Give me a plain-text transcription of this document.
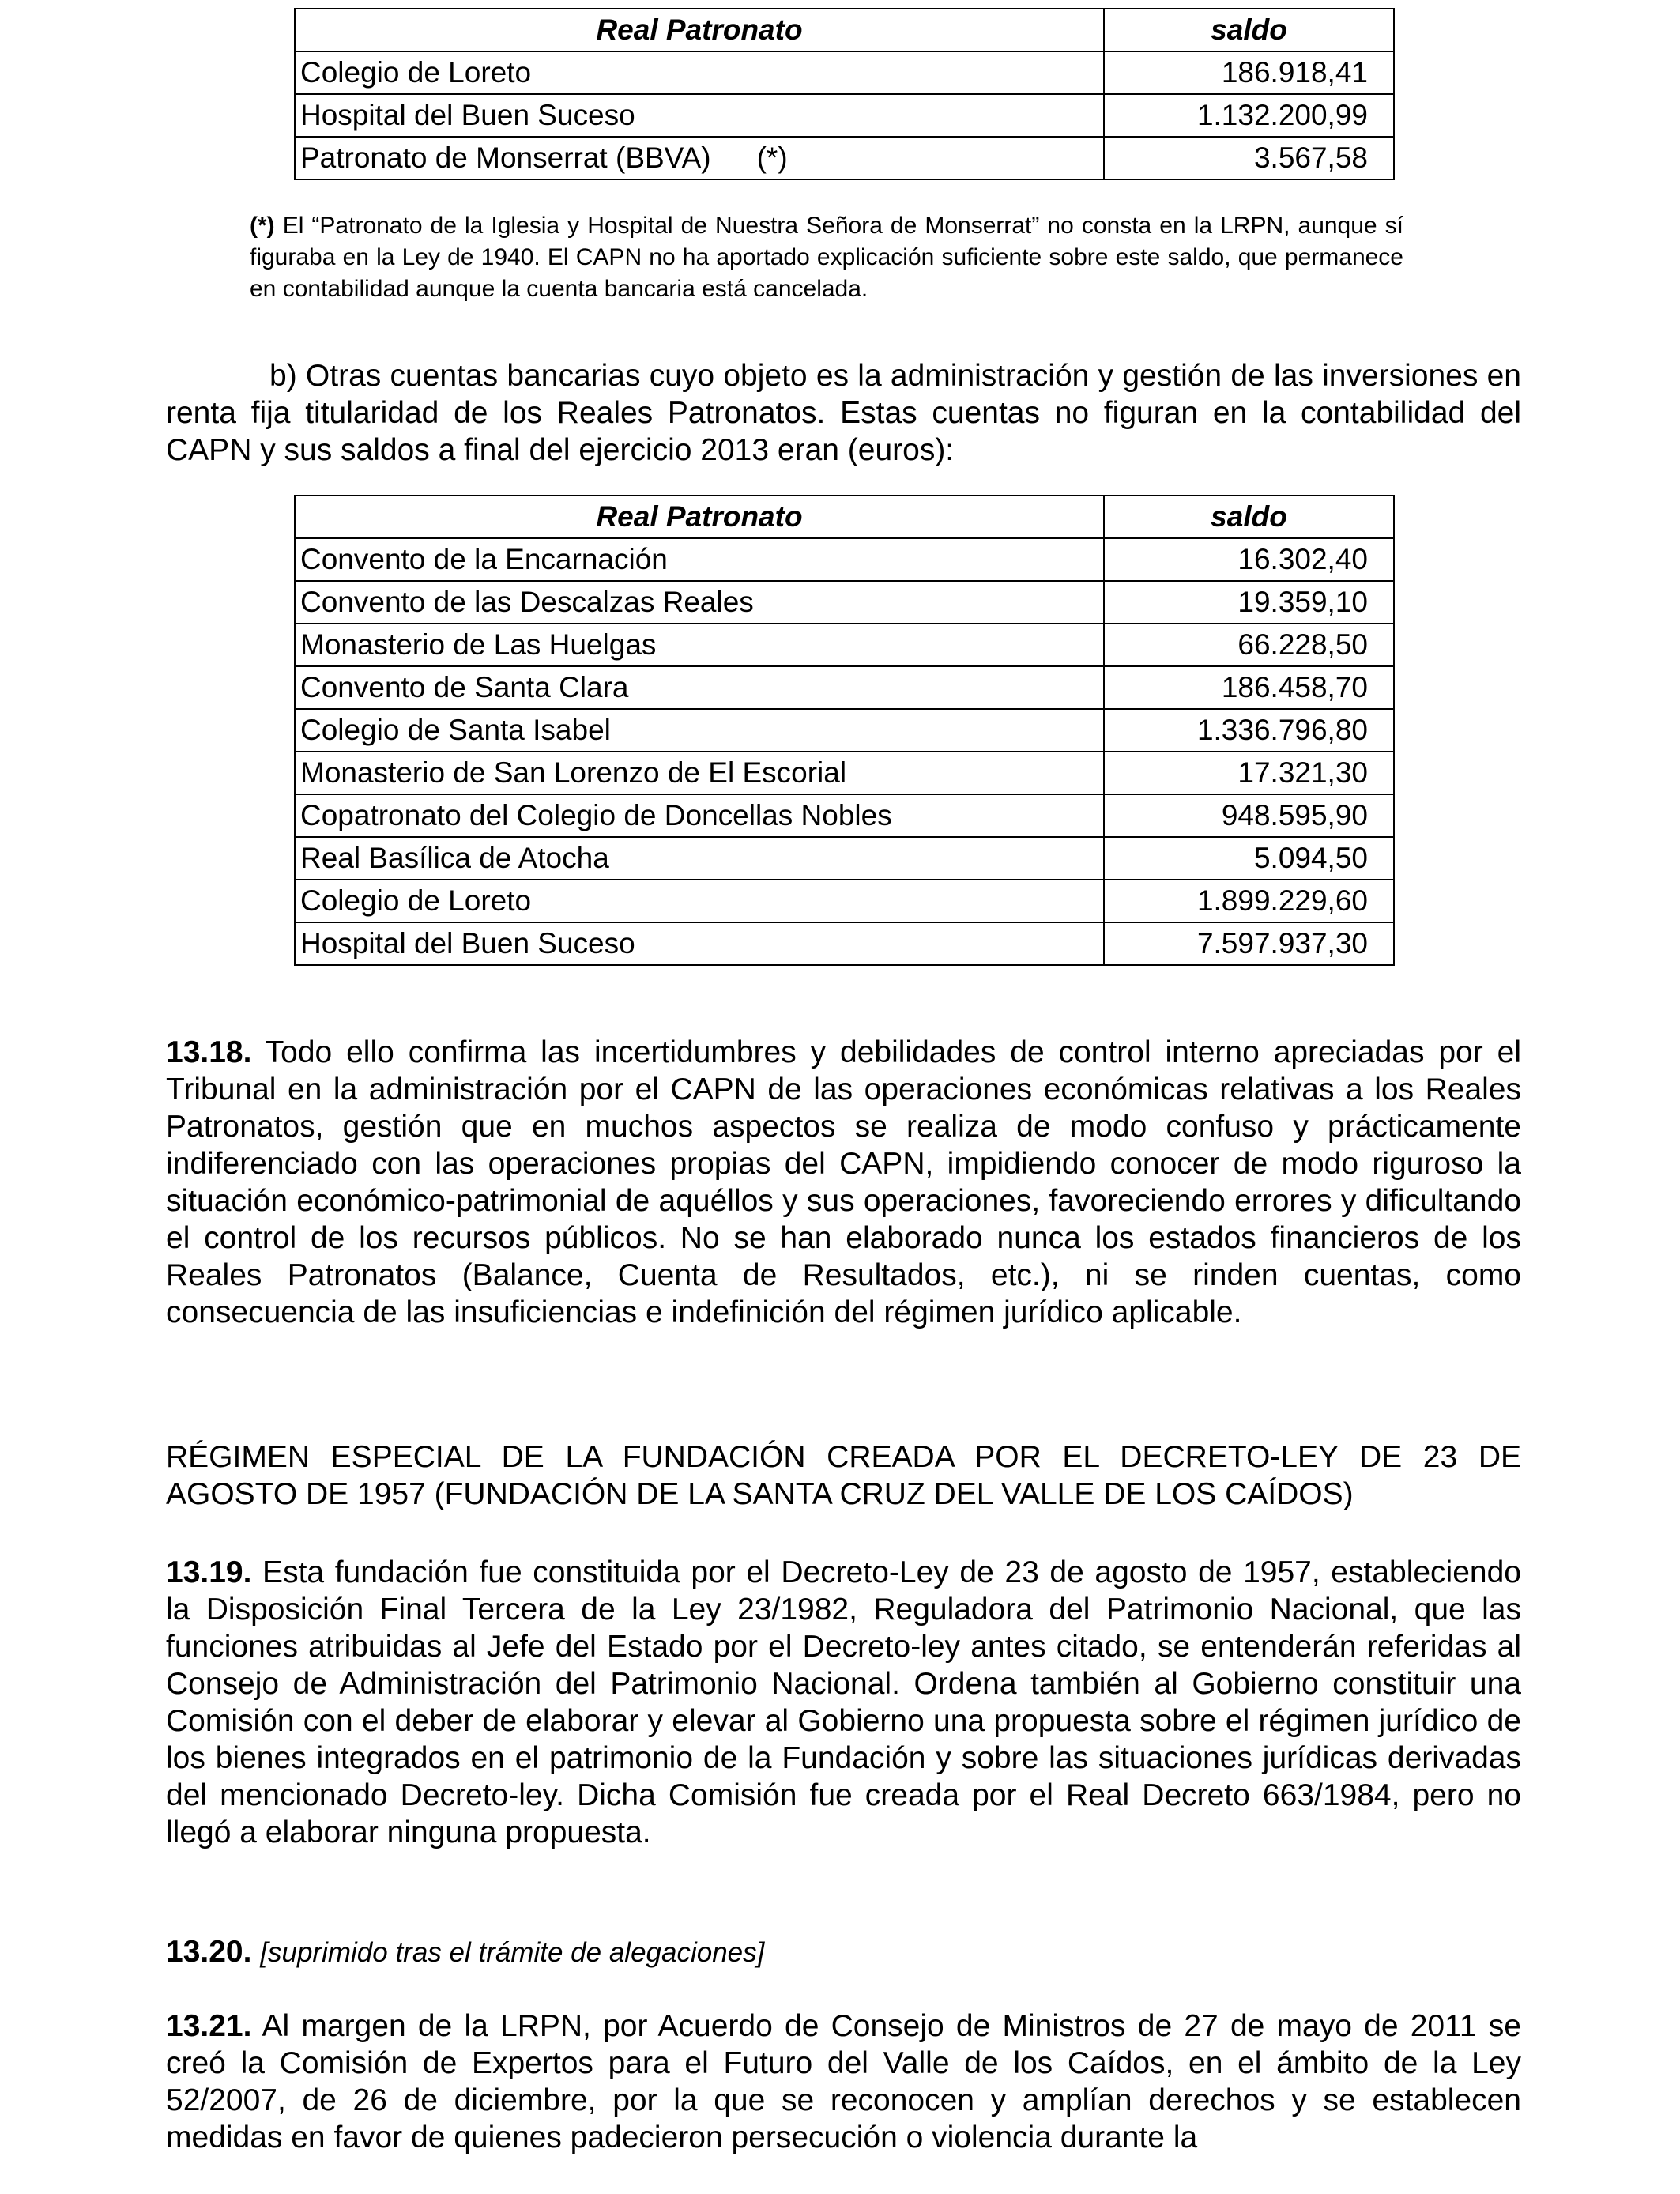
Real Patronato	saldo
Colegio de Loreto	186.918,41
Hospital del Buen Suceso	1.132.200,99
Patronato de Monserrat (BBVA) (*)	3.567,58
(*) El “Patronato de la Iglesia y Hospital de Nuestra Señora de Monserrat” no consta en la LRPN, aunque sí figuraba en la Ley de 1940. El CAPN no ha aportado explicación suficiente sobre este saldo, que permanece en contabilidad aunque la cuenta bancaria está cancelada.
b) Otras cuentas bancarias cuyo objeto es la administración y gestión de las inversiones en renta fija titularidad de los Reales Patronatos. Estas cuentas no figuran en la contabilidad del CAPN y sus saldos a final del ejercicio 2013 eran (euros):
Real Patronato	saldo
Convento de la Encarnación	16.302,40
Convento de las Descalzas Reales	19.359,10
Monasterio de Las Huelgas	66.228,50
Convento de Santa Clara	186.458,70
Colegio de Santa Isabel	1.336.796,80
Monasterio de San Lorenzo de El Escorial	17.321,30
Copatronato del Colegio de Doncellas Nobles	948.595,90
Real Basílica de Atocha	5.094,50
Colegio de Loreto	1.899.229,60
Hospital del Buen Suceso	7.597.937,30
13.18. Todo ello confirma las incertidumbres y debilidades de control interno apreciadas por el Tribunal en la administración por el CAPN de las operaciones económicas relativas a los Reales Patronatos, gestión que en muchos aspectos se realiza de modo confuso y prácticamente indiferenciado con las operaciones propias del CAPN, impidiendo conocer de modo riguroso la situación económico-patrimonial de aquéllos y sus operaciones, favoreciendo errores y dificultando el control de los recursos públicos. No se han elaborado nunca los estados financieros de los Reales Patronatos (Balance, Cuenta de Resultados, etc.), ni se rinden cuentas, como consecuencia de las insuficiencias e indefinición del régimen jurídico aplicable.
RÉGIMEN ESPECIAL DE LA FUNDACIÓN CREADA POR EL DECRETO-LEY DE 23 DE AGOSTO DE 1957 (FUNDACIÓN DE LA SANTA CRUZ DEL VALLE DE LOS CAÍDOS)
13.19. Esta fundación fue constituida por el Decreto-Ley de 23 de agosto de 1957, estableciendo la Disposición Final Tercera de la Ley 23/1982, Reguladora del Patrimonio Nacional, que las funciones atribuidas al Jefe del Estado por el Decreto-ley antes citado, se entenderán referidas al Consejo de Administración del Patrimonio Nacional. Ordena también al Gobierno constituir una Comisión con el deber de elaborar y elevar al Gobierno una propuesta sobre el régimen jurídico de los bienes integrados en el patrimonio de la Fundación y sobre las situaciones jurídicas derivadas del mencionado Decreto-ley. Dicha Comisión fue creada por el Real Decreto 663/1984, pero no llegó a elaborar ninguna propuesta.
13.20. [suprimido tras el trámite de alegaciones]
13.21. Al margen de la LRPN, por Acuerdo de Consejo de Ministros de 27 de mayo de 2011 se creó la Comisión de Expertos para el Futuro del Valle de los Caídos, en el ámbito de la Ley 52/2007, de 26 de diciembre, por la que se reconocen y amplían derechos y se establecen medidas en favor de quienes padecieron persecución o violencia durante la
